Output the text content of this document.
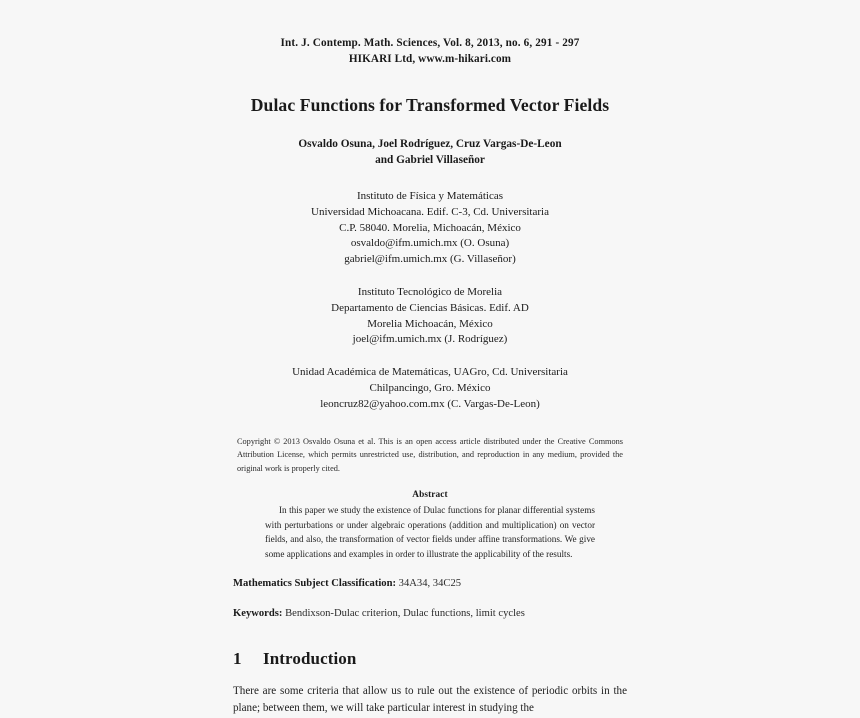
Int. J. Contemp. Math. Sciences, Vol. 8, 2013, no. 6, 291 - 297
HIKARI Ltd, www.m-hikari.com
Dulac Functions for Transformed Vector Fields
Osvaldo Osuna, Joel Rodríguez, Cruz Vargas-De-Leon
and Gabriel Villaseñor
Instituto de Física y Matemáticas
Universidad Michoacana. Edif. C-3, Cd. Universitaria
C.P. 58040. Morelia, Michoacán, México
osvaldo@ifm.umich.mx (O. Osuna)
gabriel@ifm.umich.mx (G. Villaseñor)
Instituto Tecnológico de Morelia
Departamento de Ciencias Básicas. Edif. AD
Morelia Michoacán, México
joel@ifm.umich.mx (J. Rodríguez)
Unidad Académica de Matemáticas, UAGro, Cd. Universitaria
Chilpancingo, Gro. México
leoncruz82@yahoo.com.mx (C. Vargas-De-Leon)
Copyright © 2013 Osvaldo Osuna et al. This is an open access article distributed under the Creative Commons Attribution License, which permits unrestricted use, distribution, and reproduction in any medium, provided the original work is properly cited.
Abstract
In this paper we study the existence of Dulac functions for planar differential systems with perturbations or under algebraic operations (addition and multiplication) on vector fields, and also, the transformation of vector fields under affine transformations. We give some applications and examples in order to illustrate the applicability of the results.
Mathematics Subject Classification: 34A34, 34C25
Keywords: Bendixson-Dulac criterion, Dulac functions, limit cycles
1 Introduction
There are some criteria that allow us to rule out the existence of periodic orbits in the plane; between them, we will take particular interest in studying the
